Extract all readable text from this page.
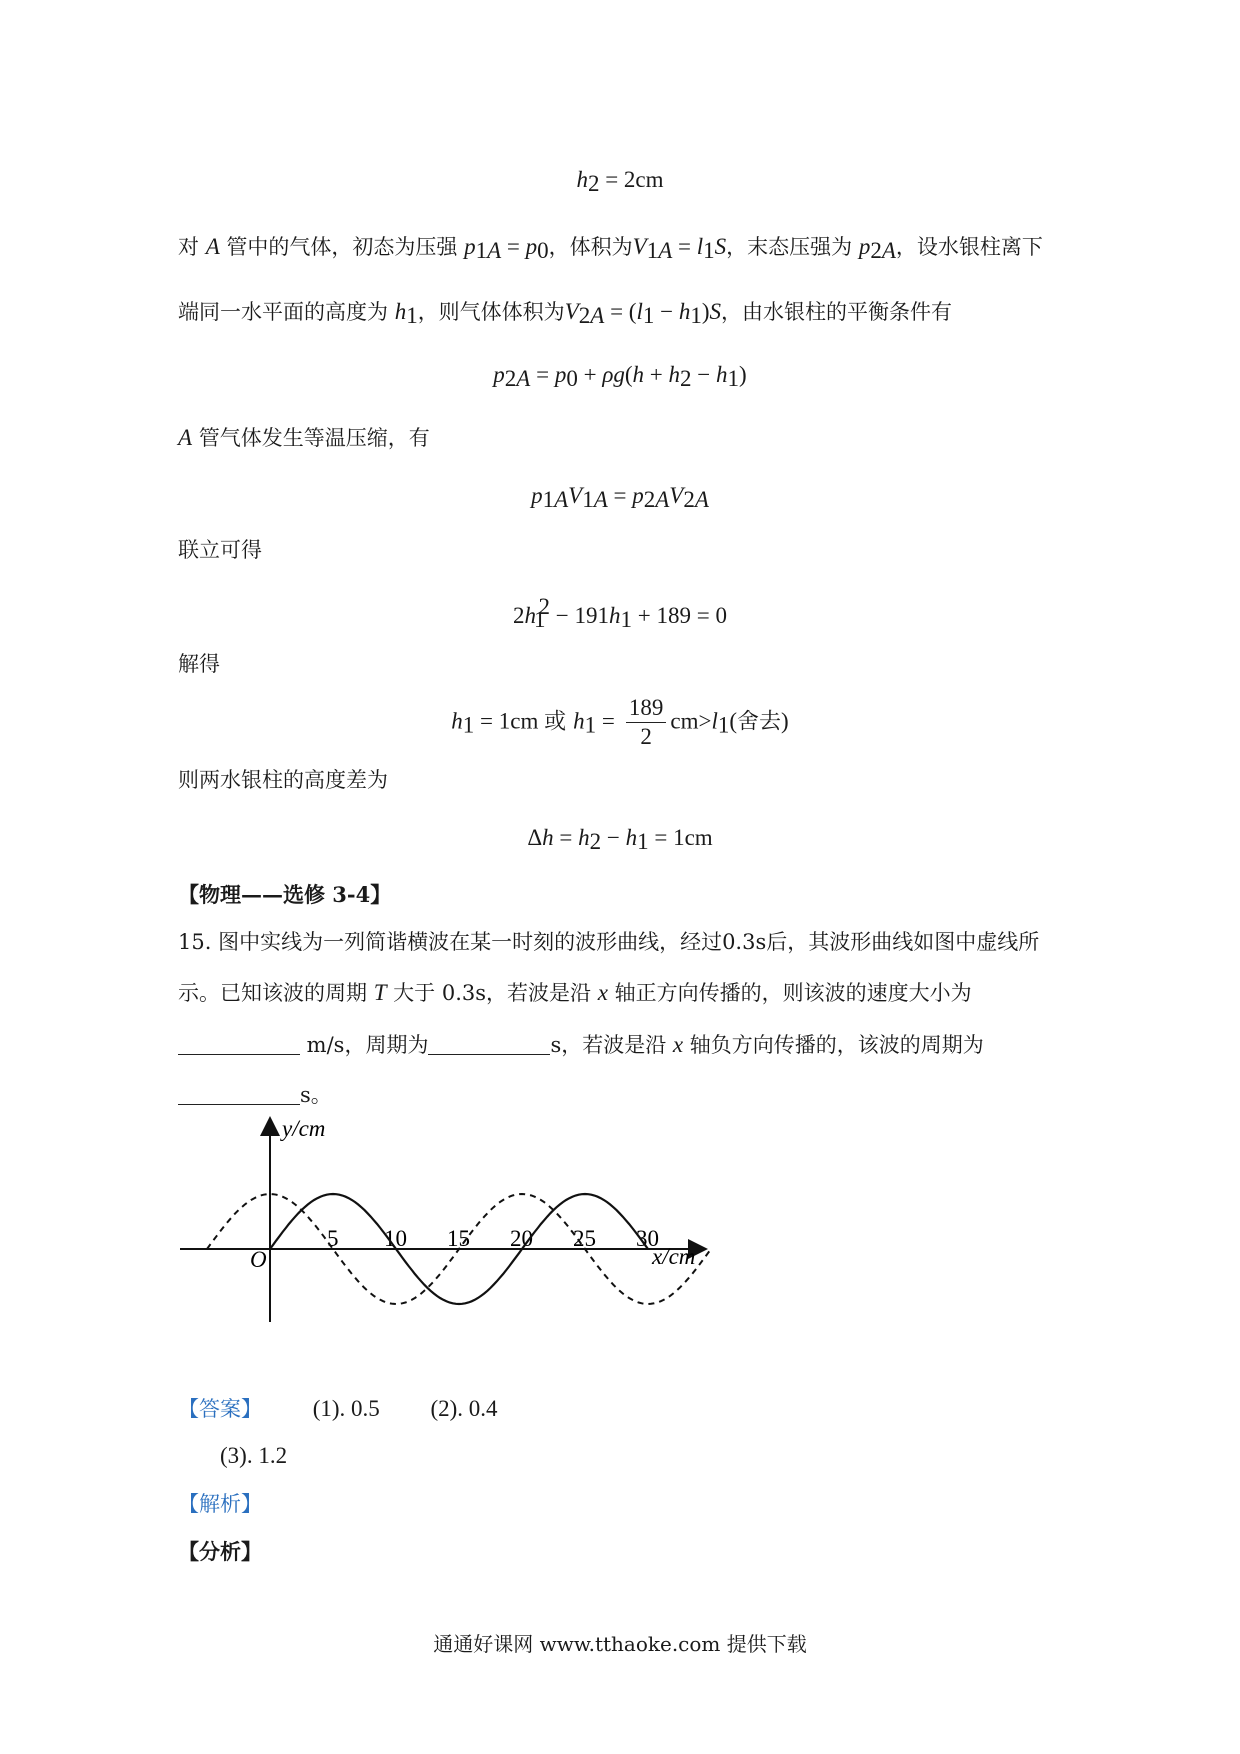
$h_2 = 2cm$
对 A 管中的气体，初态为压强 $p_{1A} = p_0$，体积为$V_{1A} = l_1S$，末态压强为 $p_{2A}$，设水银柱离下
端同一水平面的高度为 $h_1$，则气体体积为$V_{2A} = (l_1 - h_1)S$，由水银柱的平衡条件有
$p_{2A} = p_0 + \rho g(h + h_2 - h_1)$
A 管气体发生等温压缩，有
$p_{1A}V_{1A} = p_{2A}V_{2A}$
联立可得
$2h_1^2 - 191h_1 + 189 = 0$
解得
$h_1 = 1cm$ 或 $h_1 = \frac{189}{2} cm>l_1$(舍去)
则两水银柱的高度差为
$\Delta h = h_2 - h_1 = 1cm$
【物理——选修 3-4】
15. 图中实线为一列简谐横波在某一时刻的波形曲线，经过0.3s后，其波形曲线如图中虚线所
示。已知该波的周期 T 大于 0.3s，若波是沿 x 轴正方向传播的，则该波的速度大小为
m/s，周期为	s，若波是沿 x 轴负方向传播的，该波的周期为
s。
y/cm
x/cm
O
5 10 15 20 25 30
【答案】 (1). 0.5 (2). 0.4
(3). 1.2
【解析】
【分析】
通通好课网 www.tthaoke.com 提供下载
